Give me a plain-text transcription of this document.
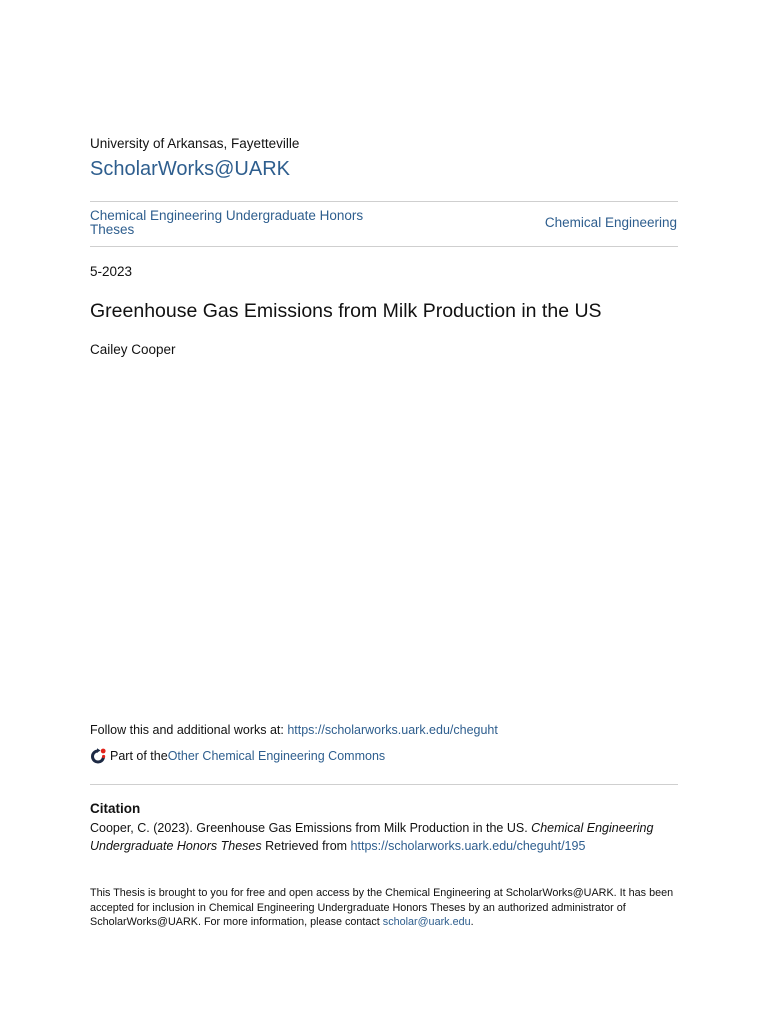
University of Arkansas, Fayetteville
ScholarWorks@UARK
Chemical Engineering Undergraduate Honors Theses	Chemical Engineering
5-2023
Greenhouse Gas Emissions from Milk Production in the US
Cailey Cooper
Follow this and additional works at: https://scholarworks.uark.edu/cheguht
Part of the Other Chemical Engineering Commons
Citation
Cooper, C. (2023). Greenhouse Gas Emissions from Milk Production in the US. Chemical Engineering Undergraduate Honors Theses Retrieved from https://scholarworks.uark.edu/cheguht/195
This Thesis is brought to you for free and open access by the Chemical Engineering at ScholarWorks@UARK. It has been accepted for inclusion in Chemical Engineering Undergraduate Honors Theses by an authorized administrator of ScholarWorks@UARK. For more information, please contact scholar@uark.edu.
